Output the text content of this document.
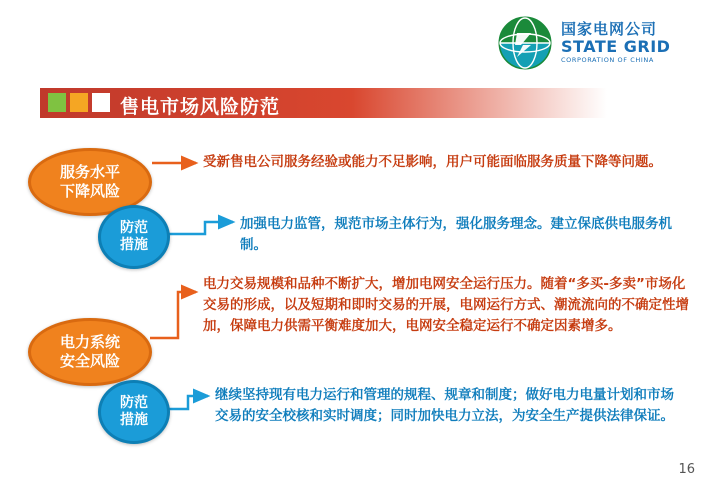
国家电网公司
STATE GRID
CORPORATION OF CHINA
售电市场风险防范
服务水平
下降风险
防范
措施
电力系统
安全风险
防范
措施
受新售电公司服务经验或能力不足影响，用户可能面临服务质量下降等问题。
加强电力监管，规范市场主体行为，强化服务理念。建立保底供电服务机制。
电力交易规模和品种不断扩大，增加电网安全运行压力。随着“多买-多卖”市场化交易的形成，以及短期和即时交易的开展，电网运行方式、潮流流向的不确定性增加，保障电力供需平衡难度加大，电网安全稳定运行不确定因素增多。
继续坚持现有电力运行和管理的规程、规章和制度；做好电力电量计划和市场交易的安全校核和实时调度；同时加快电力立法，为安全生产提供法律保证。
16
